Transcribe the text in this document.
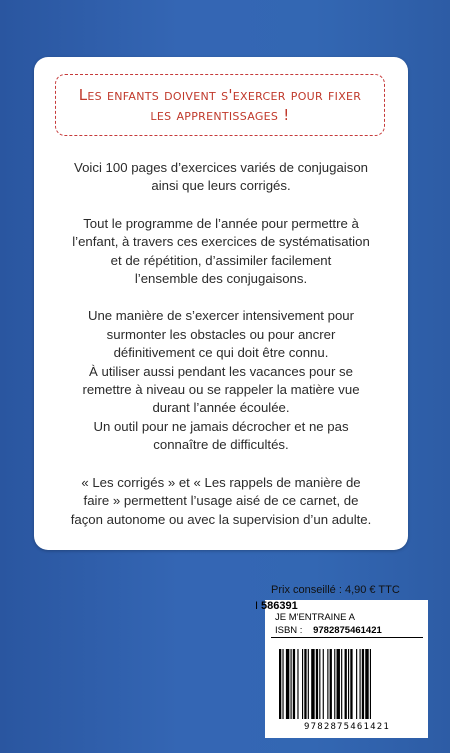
Les enfants doivent s'exercer pour fixer
les apprentissages !

Voici 100 pages d’exercices variés de conjugaison
ainsi que leurs corrigés.

Tout le programme de l’année pour permettre à
l’enfant, à travers ces exercices de systématisation
et de répétition, d’assimiler facilement
l’ensemble des conjugaisons.

Une manière de s’exercer intensivement pour
surmonter les obstacles ou pour ancrer
définitivement ce qui doit être connu.
À utiliser aussi pendant les vacances pour se
remettre à niveau ou se rappeler la matière vue
durant l’année écoulée.
Un outil pour ne jamais décrocher et ne pas
connaître de difficultés.

« Les corrigés » et « Les rappels de manière de
faire » permettent l’usage aisé de ce carnet, de
façon autonome ou avec la supervision d’un adulte.

Prix conseillé : 4,90 € TTC
I 586391
JE M'ENTRAINE A
ISBN : 9782875461421
9782875461421
